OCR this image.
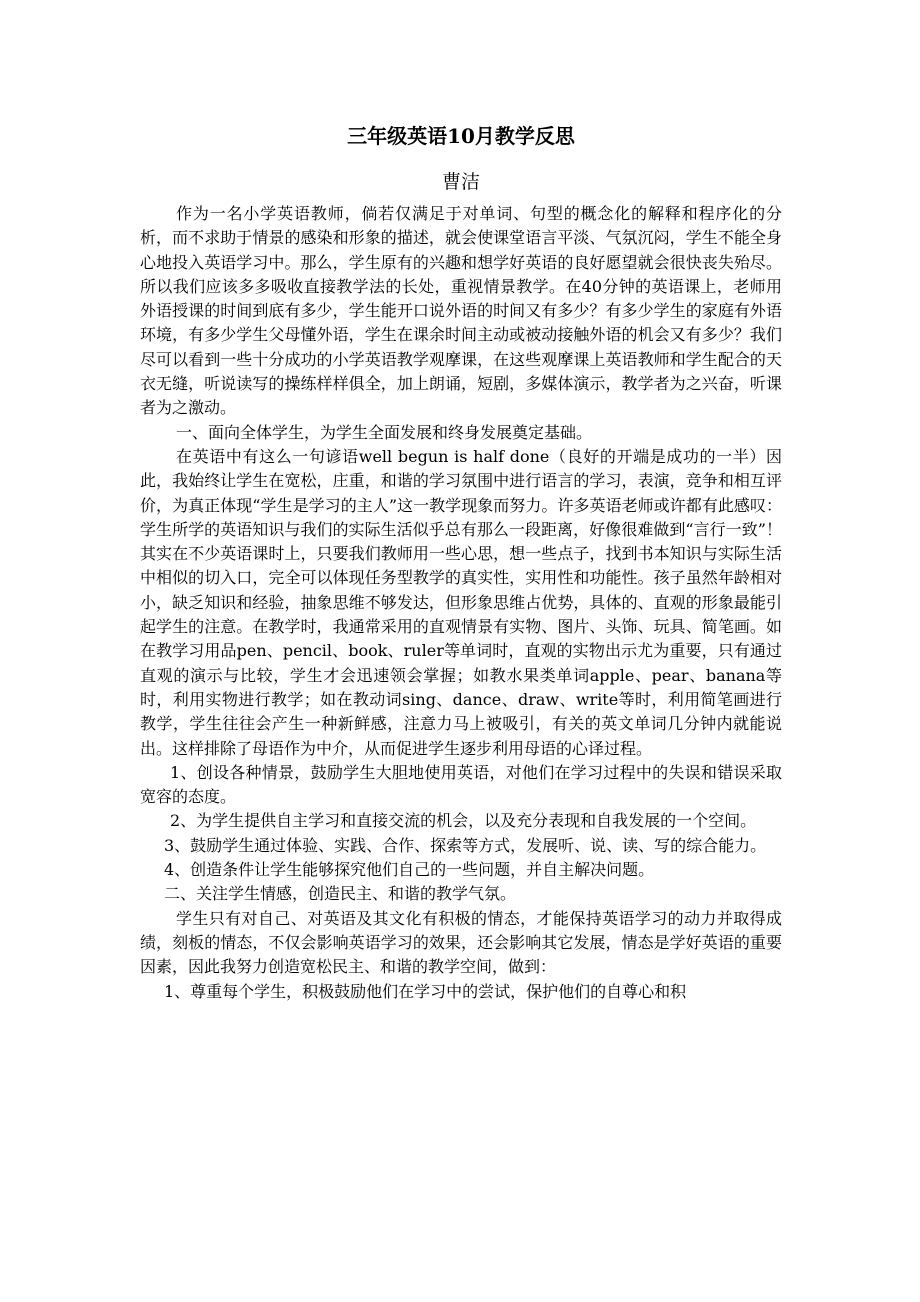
三年级英语10月教学反思
曹洁

作为一名小学英语教师，倘若仅满足于对单词、句型的概念化的解释和程序化的分析，而不求助于情景的感染和形象的描述，就会使课堂语言平淡、气氛沉闷，学生不能全身心地投入英语学习中。那么，学生原有的兴趣和想学好英语的良好愿望就会很快丧失殆尽。所以我们应该多多吸收直接教学法的长处，重视情景教学。在40分钟的英语课上，老师用外语授课的时间到底有多少，学生能开口说外语的时间又有多少？有多少学生的家庭有外语环境，有多少学生父母懂外语，学生在课余时间主动或被动接触外语的机会又有多少？我们尽可以看到一些十分成功的小学英语教学观摩课，在这些观摩课上英语教师和学生配合的天衣无缝，听说读写的操练样样俱全，加上朗诵，短剧，多媒体演示，教学者为之兴奋，听课者为之激动。

一、面向全体学生，为学生全面发展和终身发展奠定基础。

在英语中有这么一句谚语well begun is half done（良好的开端是成功的一半）因此，我始终让学生在宽松，庄重，和谐的学习氛围中进行语言的学习，表演，竞争和相互评价，为真正体现“学生是学习的主人”这一教学现象而努力。许多英语老师或许都有此感叹：学生所学的英语知识与我们的实际生活似乎总有那么一段距离，好像很难做到“言行一致”！其实在不少英语课时上，只要我们教师用一些心思，想一些点子，找到书本知识与实际生活中相似的切入口，完全可以体现任务型教学的真实性，实用性和功能性。孩子虽然年龄相对小，缺乏知识和经验，抽象思维不够发达，但形象思维占优势，具体的、直观的形象最能引起学生的注意。在教学时，我通常采用的直观情景有实物、图片、头饰、玩具、简笔画。如在教学习用品pen、pencil、book、ruler等单词时，直观的实物出示尤为重要，只有通过直观的演示与比较，学生才会迅速领会掌握；如教水果类单词apple、pear、banana等时，利用实物进行教学；如在教动词sing、dance、draw、write等时，利用简笔画进行教学，学生往往会产生一种新鲜感，注意力马上被吸引，有关的英文单词几分钟内就能说出。这样排除了母语作为中介，从而促进学生逐步利用母语的心译过程。

1、创设各种情景，鼓励学生大胆地使用英语，对他们在学习过程中的失误和错误采取宽容的态度。

2、为学生提供自主学习和直接交流的机会，以及充分表现和自我发展的一个空间。

3、鼓励学生通过体验、实践、合作、探索等方式，发展听、说、读、写的综合能力。

4、创造条件让学生能够探究他们自己的一些问题，并自主解决问题。

二、关注学生情感，创造民主、和谐的教学气氛。

学生只有对自己、对英语及其文化有积极的情态，才能保持英语学习的动力并取得成绩，刻板的情态，不仅会影响英语学习的效果，还会影响其它发展，情态是学好英语的重要因素，因此我努力创造宽松民主、和谐的教学空间，做到：

1、尊重每个学生，积极鼓励他们在学习中的尝试，保护他们的自尊心和积
